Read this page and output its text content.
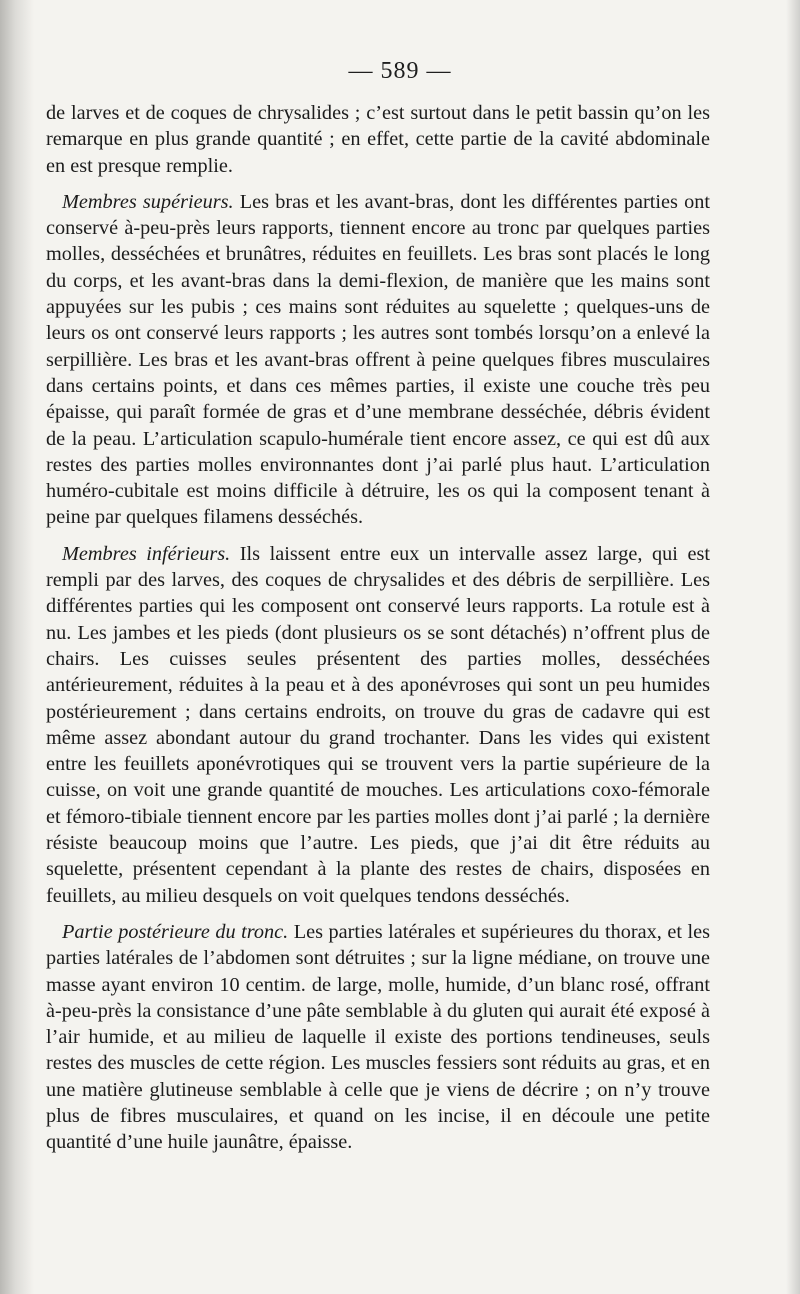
— 589 —

de larves et de coques de chrysalides ; c’est surtout dans le petit bassin qu’on les remarque en plus grande quantité ; en effet, cette partie de la cavité abdominale en est presque remplie.

Membres supérieurs. Les bras et les avant-bras, dont les différentes parties ont conservé à-peu-près leurs rapports, tiennent encore au tronc par quelques parties molles, desséchées et brunâtres, réduites en feuillets. Les bras sont placés le long du corps, et les avant-bras dans la demi-flexion, de manière que les mains sont appuyées sur les pubis ; ces mains sont réduites au squelette ; quelques-uns de leurs os ont conservé leurs rapports ; les autres sont tombés lorsqu’on a enlevé la serpillière. Les bras et les avant-bras offrent à peine quelques fibres musculaires dans certains points, et dans ces mêmes parties, il existe une couche très peu épaisse, qui paraît formée de gras et d’une membrane desséchée, débris évident de la peau. L’articulation scapulo-humérale tient encore assez, ce qui est dû aux restes des parties molles environnantes dont j’ai parlé plus haut. L’articulation huméro-cubitale est moins difficile à détruire, les os qui la composent tenant à peine par quelques filamens desséchés.

Membres inférieurs. Ils laissent entre eux un intervalle assez large, qui est rempli par des larves, des coques de chrysalides et des débris de serpillière. Les différentes parties qui les composent ont conservé leurs rapports. La rotule est à nu. Les jambes et les pieds (dont plusieurs os se sont détachés) n’offrent plus de chairs. Les cuisses seules présentent des parties molles, desséchées antérieurement, réduites à la peau et à des aponévroses qui sont un peu humides postérieurement ; dans certains endroits, on trouve du gras de cadavre qui est même assez abondant autour du grand trochanter. Dans les vides qui existent entre les feuillets aponévrotiques qui se trouvent vers la partie supérieure de la cuisse, on voit une grande quantité de mouches. Les articulations coxo-fémorale et fémoro-tibiale tiennent encore par les parties molles dont j’ai parlé ; la dernière résiste beaucoup moins que l’autre. Les pieds, que j’ai dit être réduits au squelette, présentent cependant à la plante des restes de chairs, disposées en feuillets, au milieu desquels on voit quelques tendons desséchés.

Partie postérieure du tronc. Les parties latérales et supérieures du thorax, et les parties latérales de l’abdomen sont détruites ; sur la ligne médiane, on trouve une masse ayant environ 10 centim. de large, molle, humide, d’un blanc rosé, offrant à-peu-près la consistance d’une pâte semblable à du gluten qui aurait été exposé à l’air humide, et au milieu de laquelle il existe des portions tendineuses, seuls restes des muscles de cette région. Les muscles fessiers sont réduits au gras, et en une matière glutineuse semblable à celle que je viens de décrire ; on n’y trouve plus de fibres musculaires, et quand on les incise, il en découle une petite quantité d’une huile jaunâtre, épaisse.
